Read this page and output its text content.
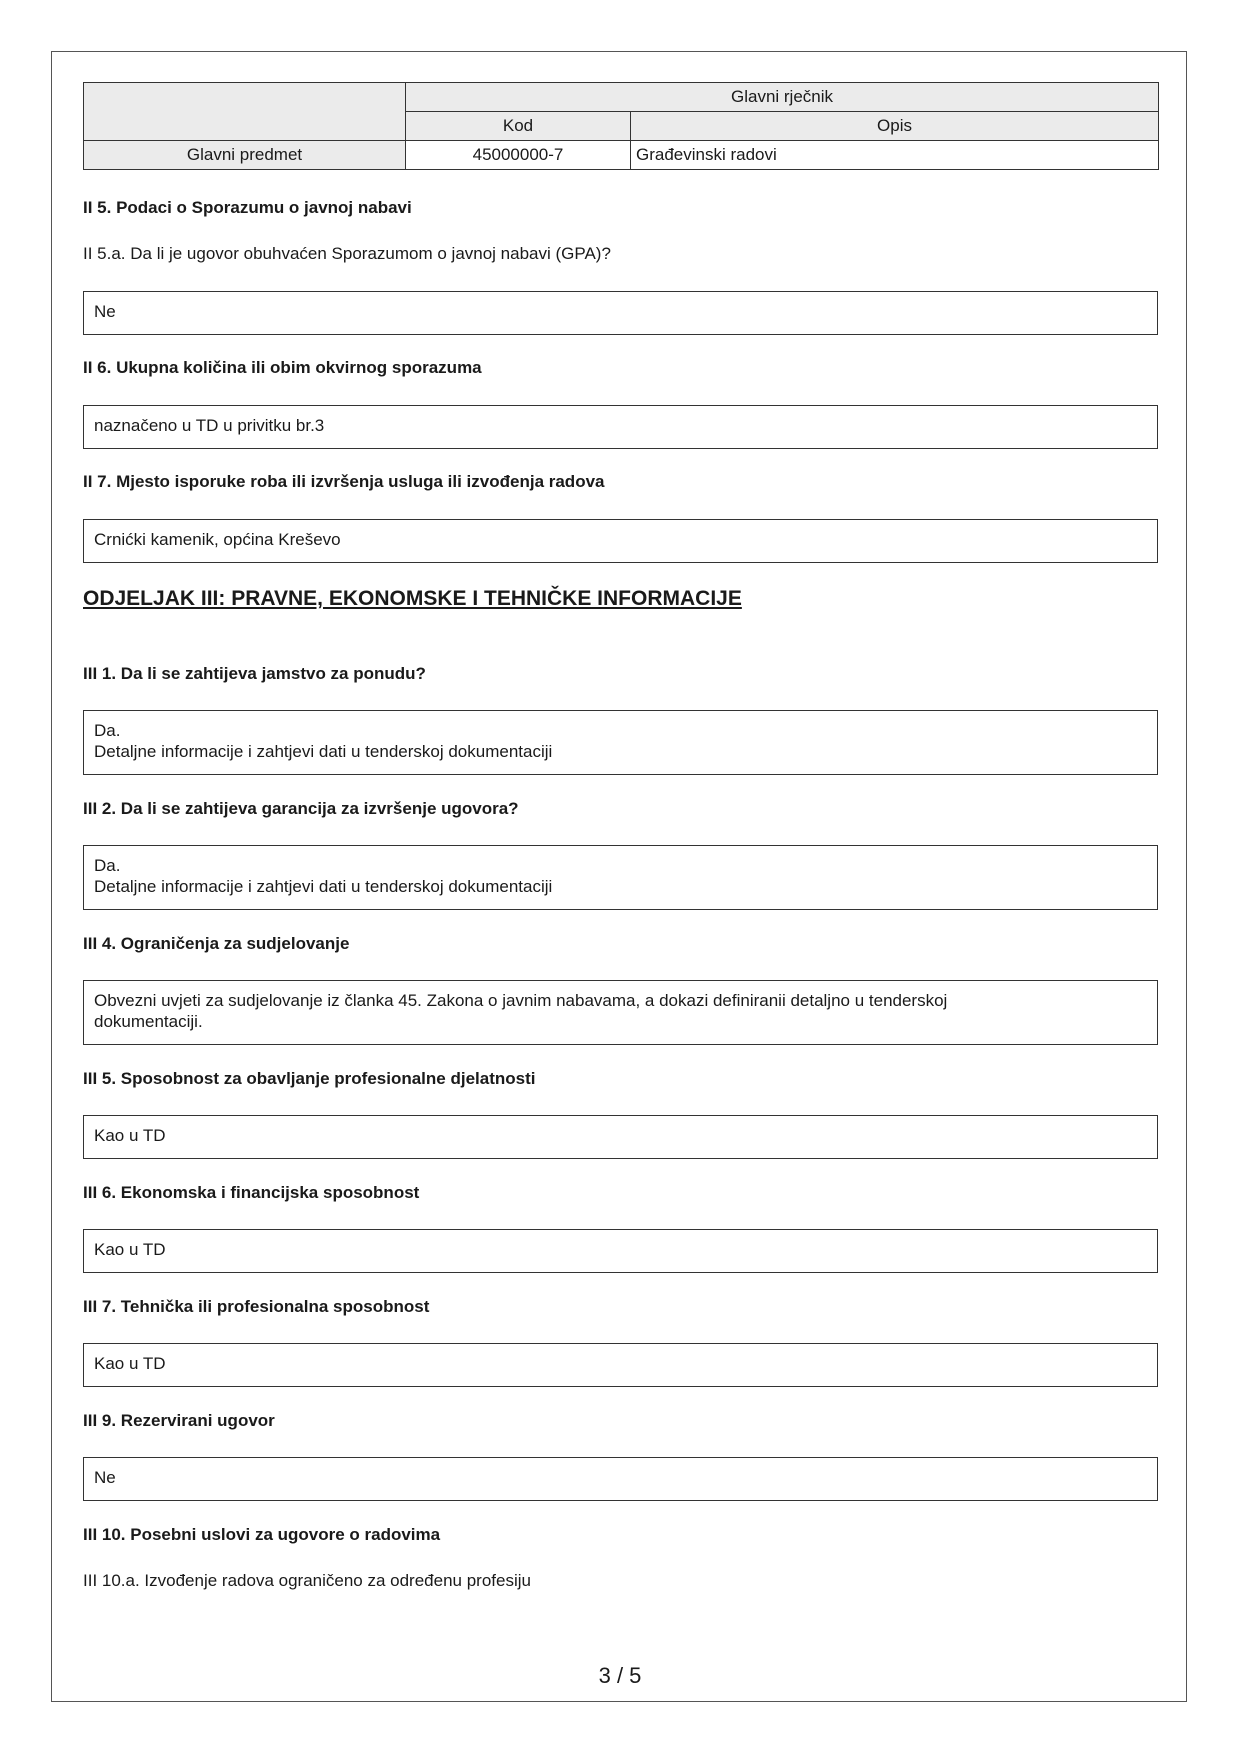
	Glavni rječnik	
	Kod	Opis
Glavni predmet	45000000-7	Građevinski radovi

II 5. Podaci o Sporazumu o javnoj nabavi

II 5.a. Da li je ugovor obuhvaćen Sporazumom o javnoj nabavi (GPA)?

Ne

II 6. Ukupna količina ili obim okvirnog sporazuma

naznačeno u TD u privitku br.3

II 7. Mjesto isporuke roba ili izvršenja usluga ili izvođenja radova

Crnićki kamenik, općina Kreševo

ODJELJAK III: PRAVNE, EKONOMSKE I TEHNIČKE INFORMACIJE

III 1. Da li se zahtijeva jamstvo za ponudu?

Da.
Detaljne informacije i zahtjevi dati u tenderskoj dokumentaciji

III 2. Da li se zahtijeva garancija za izvršenje ugovora?

Da.
Detaljne informacije i zahtjevi dati u tenderskoj dokumentaciji

III 4. Ograničenja za sudjelovanje

Obvezni uvjeti za sudjelovanje iz članka 45. Zakona o javnim nabavama, a dokazi definiranii detaljno u tenderskoj
dokumentaciji.

III 5. Sposobnost za obavljanje profesionalne djelatnosti

Kao u TD

III 6. Ekonomska i financijska sposobnost

Kao u TD

III 7. Tehnička ili profesionalna sposobnost

Kao u TD

III 9. Rezervirani ugovor

Ne

III 10. Posebni uslovi za ugovore o radovima

III 10.a. Izvođenje radova ograničeno za određenu profesiju

3 / 5
